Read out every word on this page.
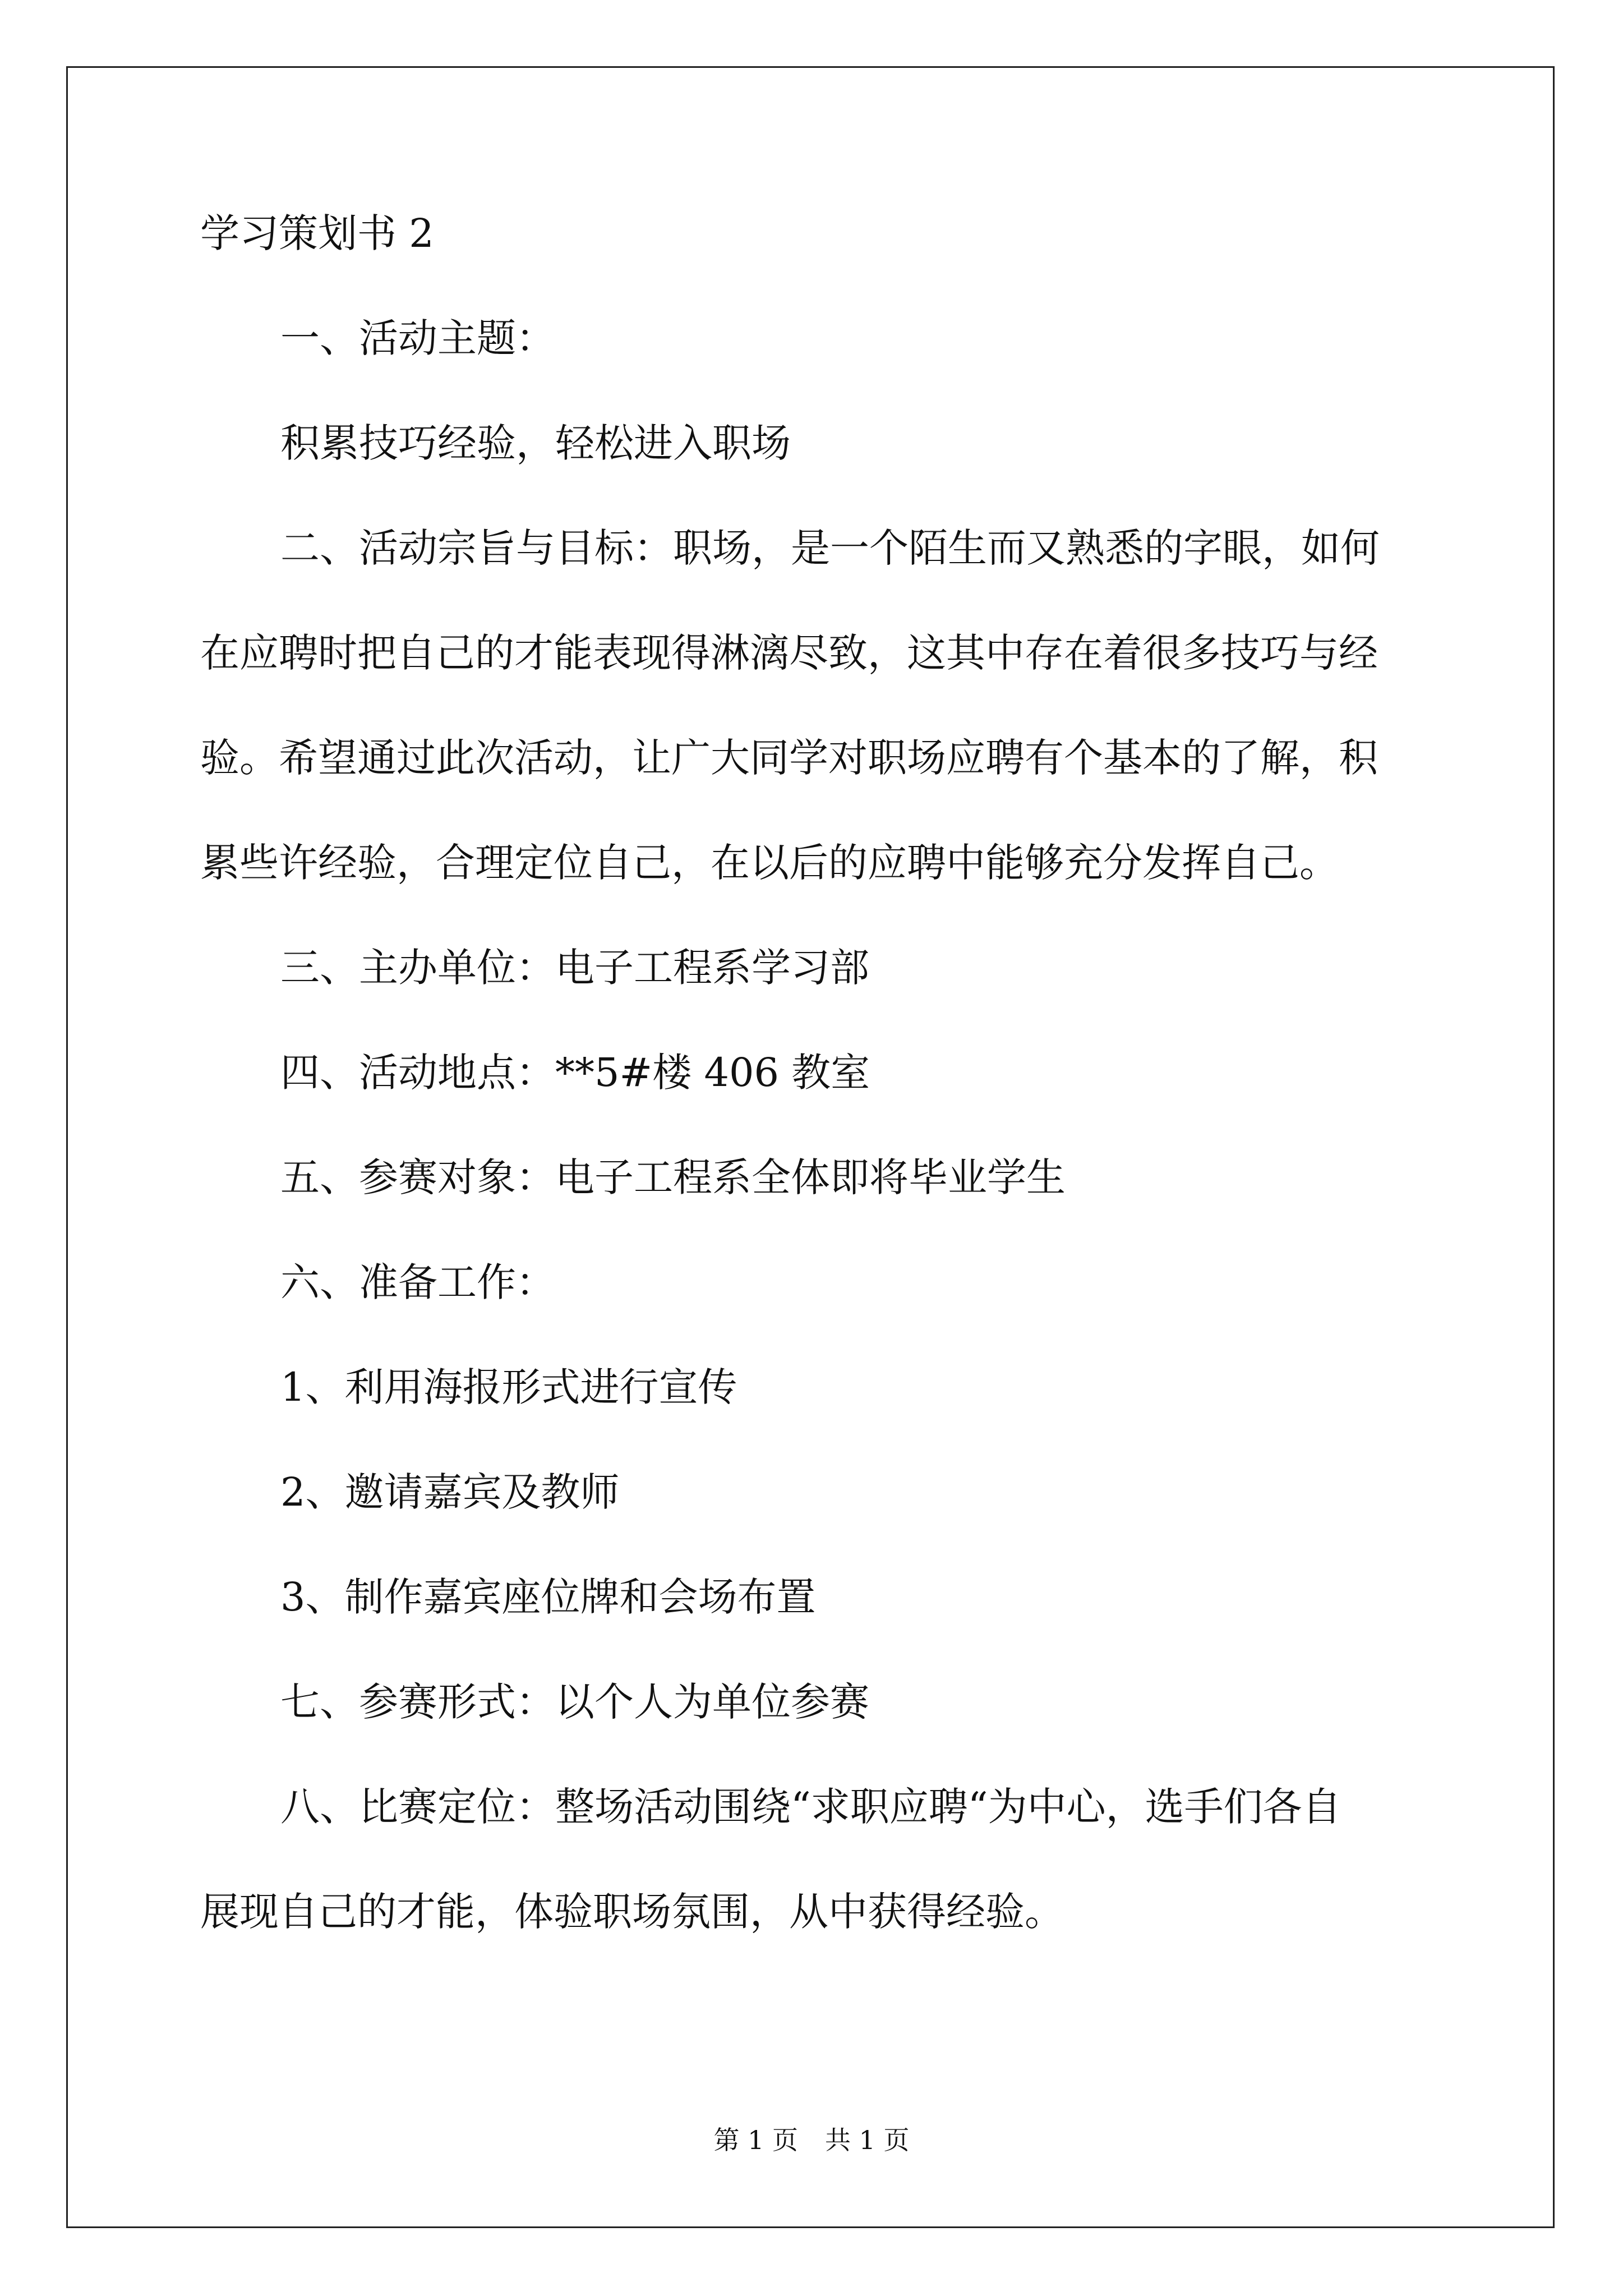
学习策划书 2
一、活动主题：
积累技巧经验，轻松进入职场
二、活动宗旨与目标：职场，是一个陌生而又熟悉的字眼，如何
在应聘时把自己的才能表现得淋漓尽致，这其中存在着很多技巧与经
验。希望通过此次活动，让广大同学对职场应聘有个基本的了解，积
累些许经验，合理定位自己，在以后的应聘中能够充分发挥自己。
三、主办单位：电子工程系学习部
四、活动地点：**5#楼 406 教室
五、参赛对象：电子工程系全体即将毕业学生
六、准备工作：
1、利用海报形式进行宣传
2、邀请嘉宾及教师
3、制作嘉宾座位牌和会场布置
七、参赛形式：以个人为单位参赛
八、比赛定位：整场活动围绕“求职应聘“为中心，选手们各自
展现自己的才能，体验职场氛围，从中获得经验。
第 1 页 共 1 页
